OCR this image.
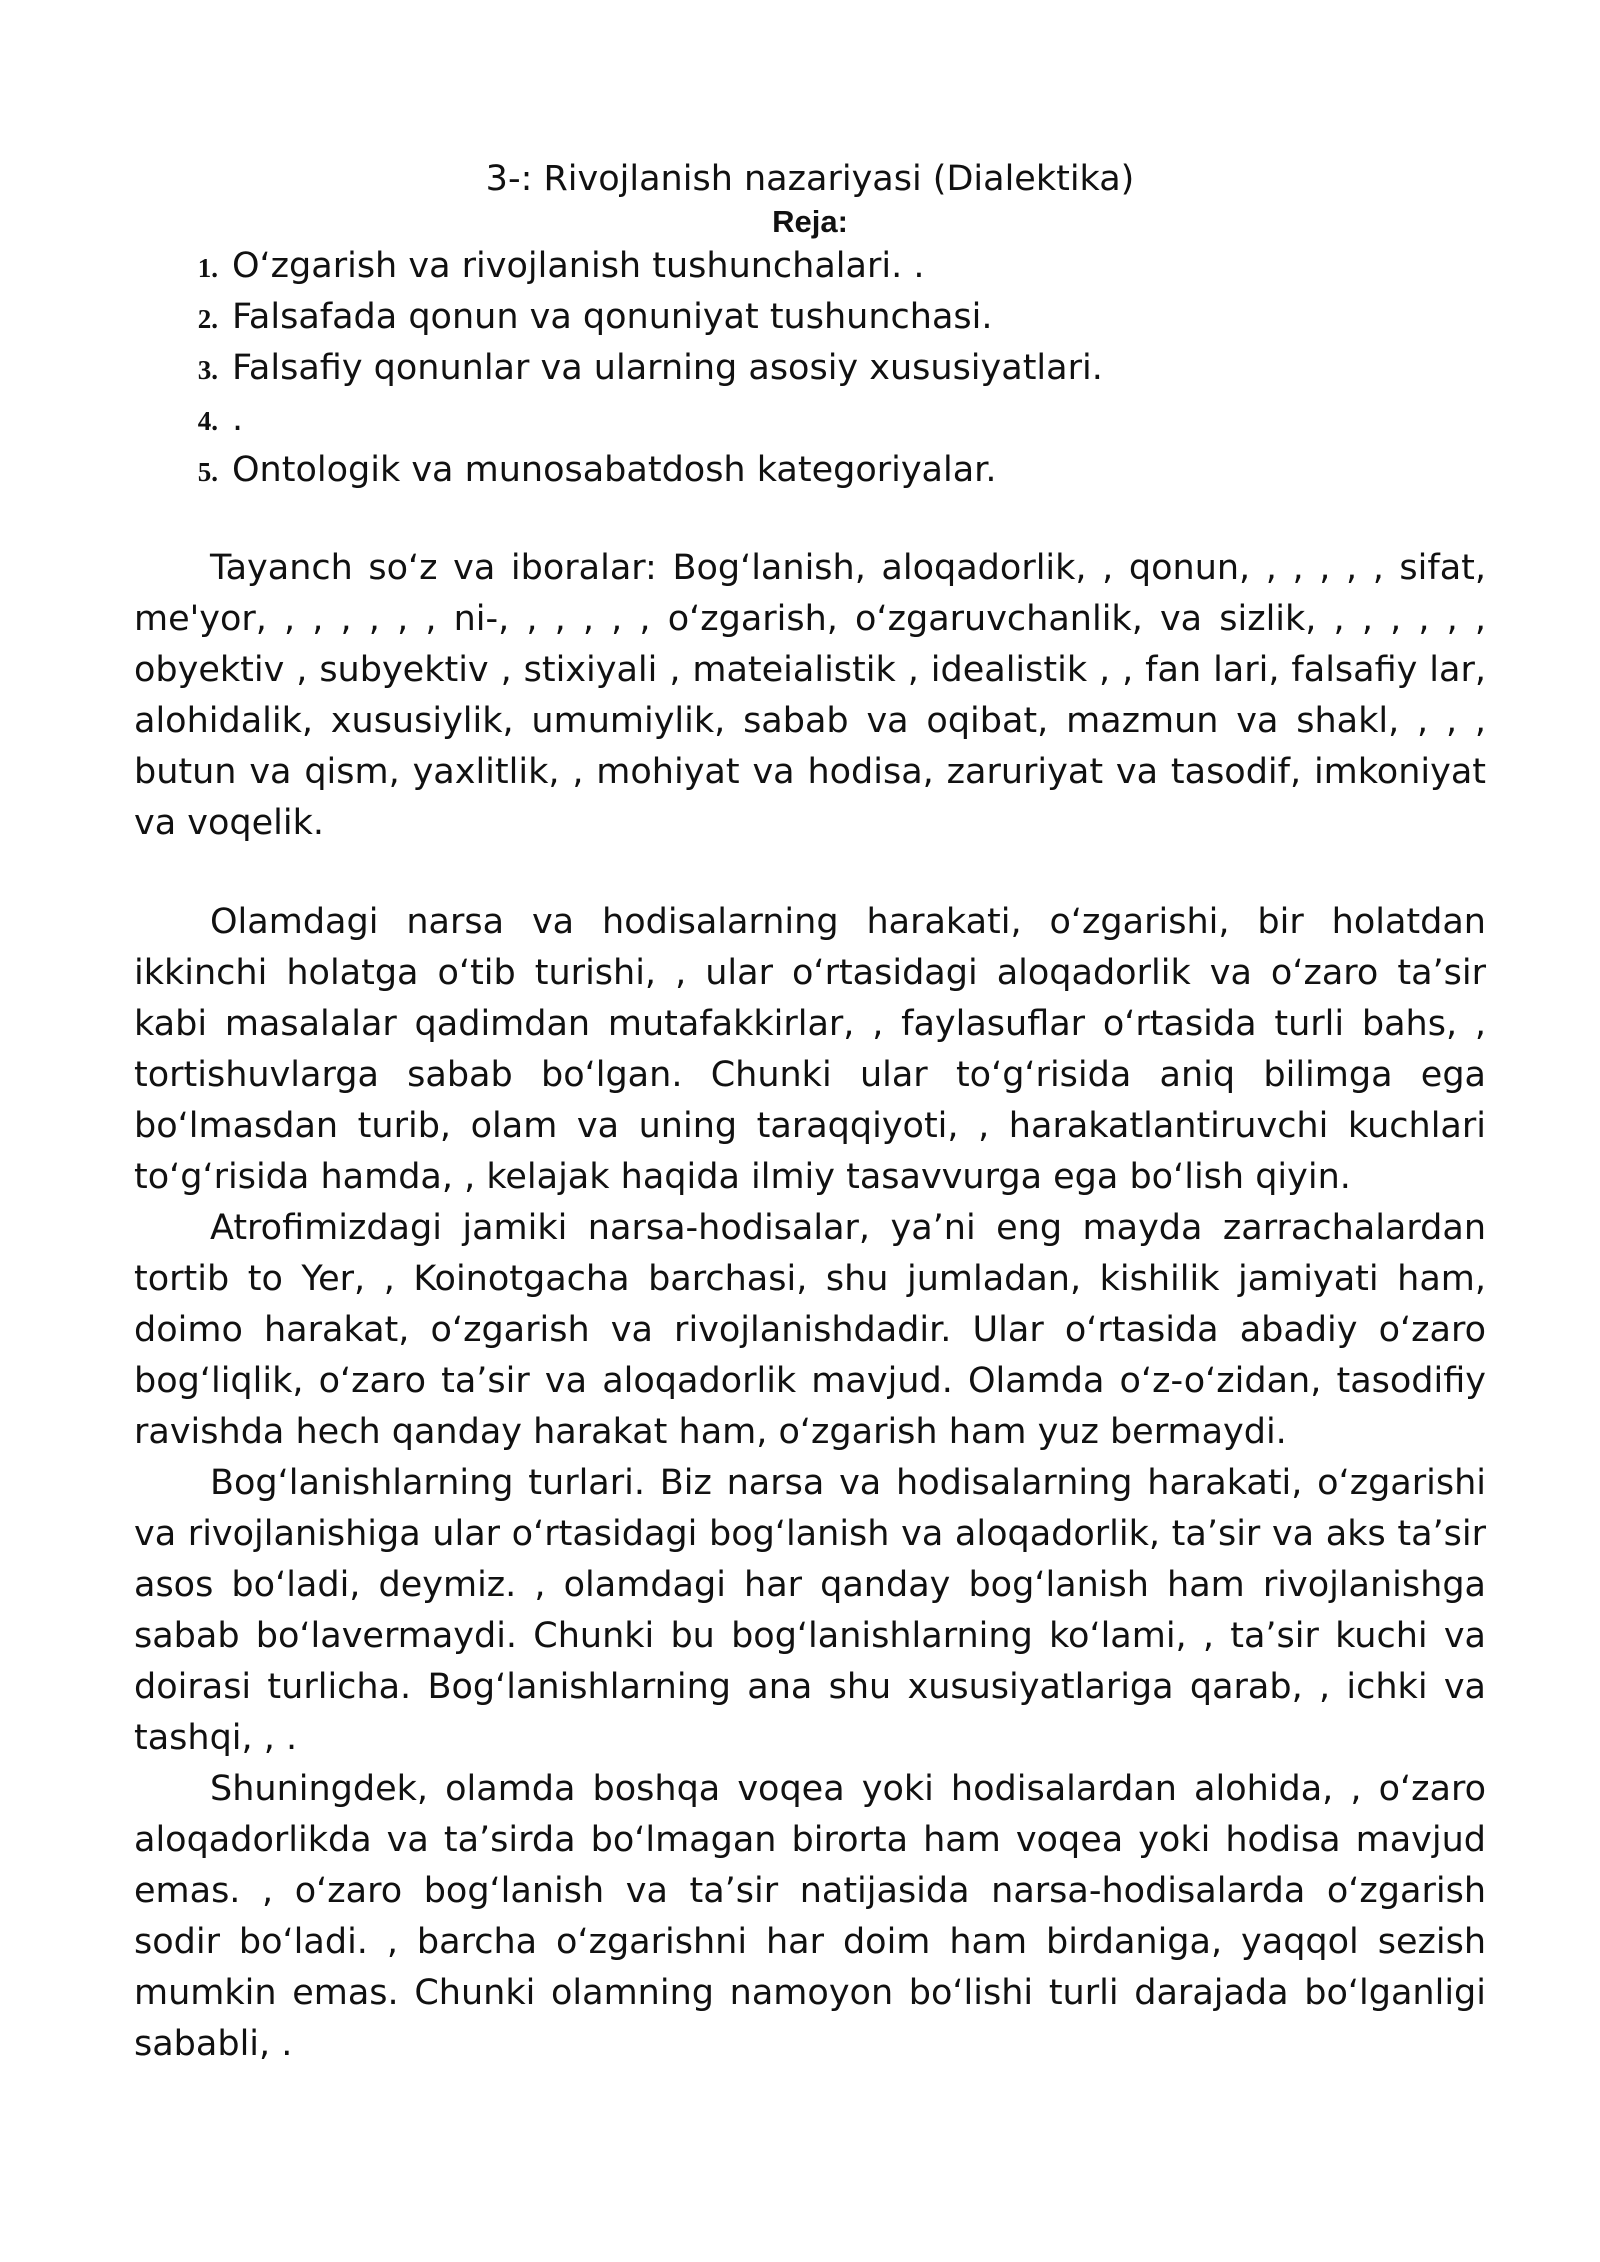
3-: Rivojlanish nazariyasi (Dialektika)
Reja:
1. O‘zgarish va rivojlanish tushunchalari. .
2. Falsafada qonun va qonuniyat tushunchasi.
3. Falsafiy qonunlar va ularning asosiy xususiyatlari.
4. .
5. Ontologik va munosabatdosh kategoriyalar.

Tayanch so‘z va iboralar: Bog‘lanish, aloqadorlik, , qonun, , , , , , sifat, me'yor, , , , , , , ni-, , , , , , o‘zgarish, o‘zgaruvchanlik, va sizlik, , , , , , , obyektiv , subyektiv , stixiyali , mateialistik , idealistik , , fan lari, falsafiy lar, alohidalik, xususiylik, umumiylik, sabab va oqibat, mazmun va shakl, , , , butun va qism, yaxlitlik, , mohiyat va hodisa, zaruriyat va tasodif, imkoniyat va voqelik.

Olamdagi narsa va hodisalarning harakati, o‘zgarishi, bir holatdan ikkinchi holatga o‘tib turishi, , ular o‘rtasidagi aloqadorlik va o‘zaro ta’sir kabi masalalar qadimdan mutafakkirlar, , faylasuflar o‘rtasida turli bahs, , tortishuvlarga sabab bo‘lgan. Chunki ular to‘g‘risida aniq bilimga ega bo‘lmasdan turib, olam va uning taraqqiyoti, , harakatlantiruvchi kuchlari to‘g‘risida hamda, , kelajak haqida ilmiy tasavvurga ega bo‘lish qiyin.

Atrofimizdagi jamiki narsa-hodisalar, ya’ni eng mayda zarrachalardan tortib to Yer, , Koinotgacha barchasi, shu jumladan, kishilik jamiyati ham, doimo harakat, o‘zgarish va rivojlanishdadir. Ular o‘rtasida abadiy o‘zaro bog‘liqlik, o‘zaro ta’sir va aloqadorlik mavjud. Olamda o‘z-o‘zidan, tasodifiy ravishda hech qanday harakat ham, o‘zgarish ham yuz bermaydi.

Bog‘lanishlarning turlari. Biz narsa va hodisalarning harakati, o‘zgarishi va rivojlanishiga ular o‘rtasidagi bog‘lanish va aloqadorlik, ta’sir va aks ta’sir asos bo‘ladi, deymiz. , olamdagi har qanday bog‘lanish ham rivojlanishga sabab bo‘lavermaydi. Chunki bu bog‘lanishlarning ko‘lami, , ta’sir kuchi va doirasi turlicha. Bog‘lanishlarning ana shu xususiyatlariga qarab, , ichki va tashqi, , .

Shuningdek, olamda boshqa voqea yoki hodisalardan alohida, , o‘zaro aloqadorlikda va ta’sirda bo‘lmagan birorta ham voqea yoki hodisa mavjud emas. , o‘zaro bog‘lanish va ta’sir natijasida narsa-hodisalarda o‘zgarish sodir bo‘ladi. , barcha o‘zgarishni har doim ham birdaniga, yaqqol sezish mumkin emas. Chunki olamning namoyon bo‘lishi turli darajada bo‘lganligi sababli, .
